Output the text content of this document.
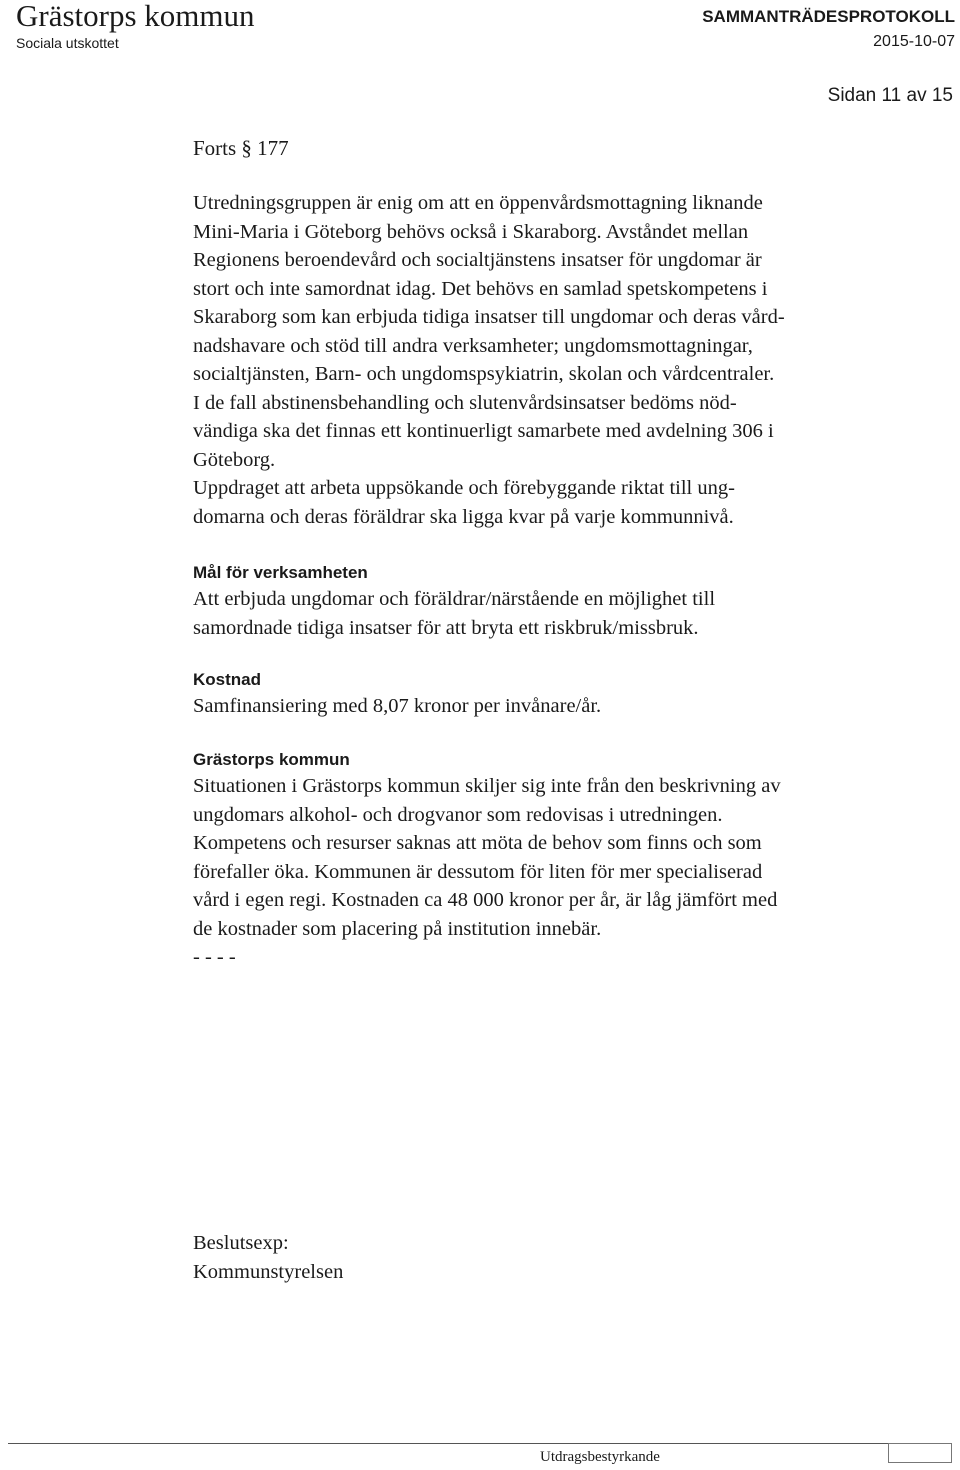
Grästorps kommun
Sociala utskottet
SAMMANTRÄDESPROTOKOLL
2015-10-07
Sidan 11 av 15
Forts § 177

Utredningsgruppen är enig om att en öppenvårdsmottagning liknande
Mini-Maria i Göteborg behövs också i Skaraborg. Avståndet mellan
Regionens beroendevård och socialtjänstens insatser för ungdomar är
stort och inte samordnat idag. Det behövs en samlad spetskompetens i
Skaraborg som kan erbjuda tidiga insatser till ungdomar och deras vård-
nadshavare och stöd till andra verksamheter; ungdomsmottagningar,
socialtjänsten, Barn- och ungdomspsykiatrin, skolan och vårdcentraler.
I de fall abstinensbehandling och slutenvårdsinsatser bedöms nöd-
vändiga ska det finnas ett kontinuerligt samarbete med avdelning 306 i
Göteborg.
Uppdraget att arbeta uppsökande och förebyggande riktat till ung-
domarna och deras föräldrar ska ligga kvar på varje kommunnivå.

Mål för verksamheten

Att erbjuda ungdomar och föräldrar/närstående en möjlighet till
samordnade tidiga insatser för att bryta ett riskbruk/missbruk.

Kostnad

Samfinansiering med 8,07 kronor per invånare/år.

Grästorps kommun

Situationen i Grästorps kommun skiljer sig inte från den beskrivning av
ungdomars alkohol- och drogvanor som redovisas i utredningen.
Kompetens och resurser saknas att möta de behov som finns och som
förefaller öka. Kommunen är dessutom för liten för mer specialiserad
vård i egen regi. Kostnaden ca 48 000 kronor per år, är låg jämfört med
de kostnader som placering på institution innebär.
- - - -

Beslutsexp:
Kommunstyrelsen

Utdragsbestyrkande
